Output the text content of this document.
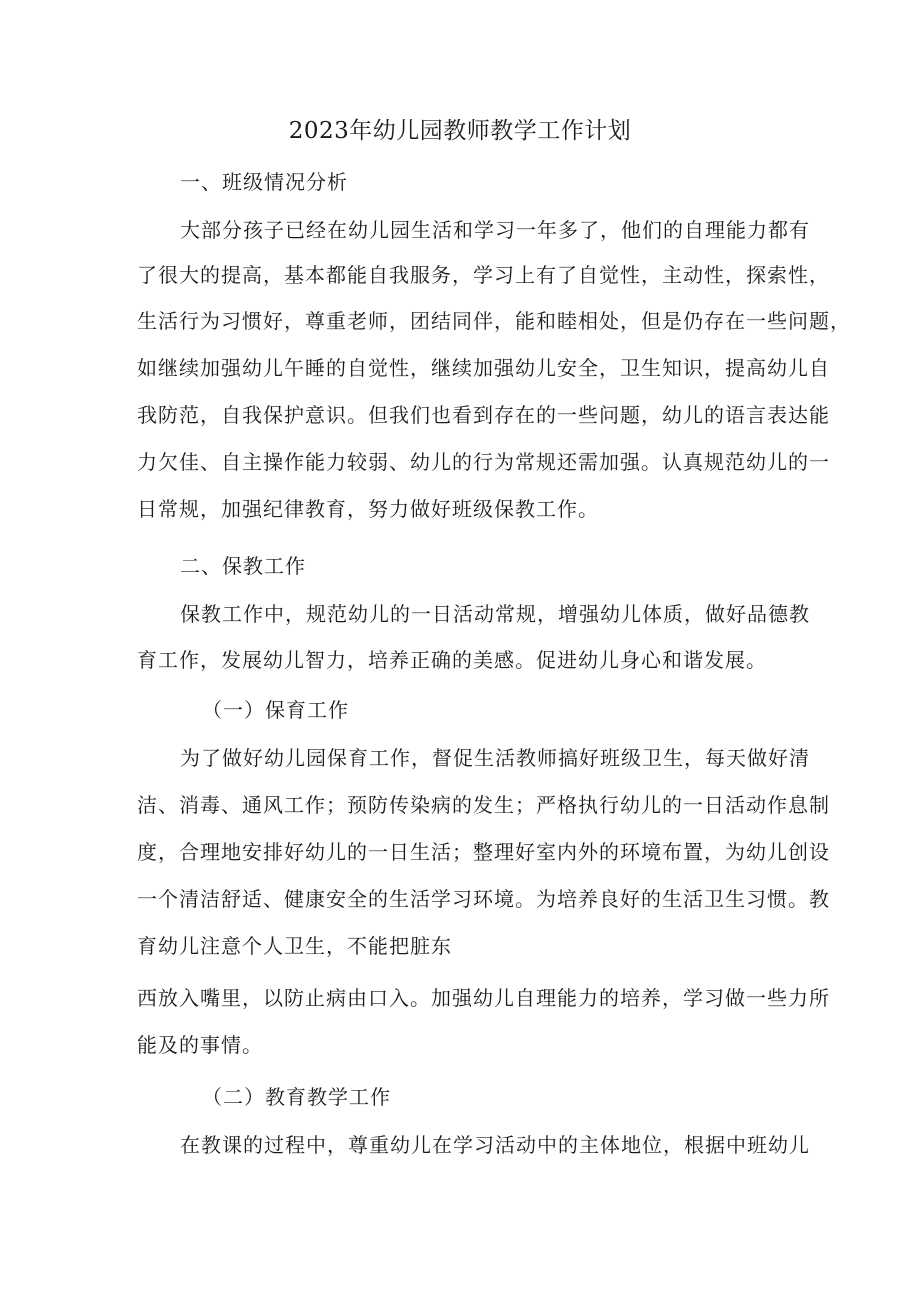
2023年幼儿园教师教学工作计划
一、班级情况分析
大部分孩子已经在幼儿园生活和学习一年多了，他们的自理能力都有
了很大的提高，基本都能自我服务，学习上有了自觉性，主动性，探索性，
生活行为习惯好，尊重老师，团结同伴，能和睦相处，但是仍存在一些问题，
如继续加强幼儿午睡的自觉性，继续加强幼儿安全，卫生知识，提高幼儿自
我防范，自我保护意识。但我们也看到存在的一些问题，幼儿的语言表达能
力欠佳、自主操作能力较弱、幼儿的行为常规还需加强。认真规范幼儿的一
日常规，加强纪律教育，努力做好班级保教工作。
二、保教工作
保教工作中，规范幼儿的一日活动常规，增强幼儿体质，做好品德教
育工作，发展幼儿智力，培养正确的美感。促进幼儿身心和谐发展。
（一）保育工作
为了做好幼儿园保育工作，督促生活教师搞好班级卫生，每天做好清
洁、消毒、通风工作；预防传染病的发生；严格执行幼儿的一日活动作息制
度，合理地安排好幼儿的一日生活；整理好室内外的环境布置，为幼儿创设
一个清洁舒适、健康安全的生活学习环境。为培养良好的生活卫生习惯。教
育幼儿注意个人卫生，不能把脏东
西放入嘴里，以防止病由口入。加强幼儿自理能力的培养，学习做一些力所
能及的事情。
（二）教育教学工作
在教课的过程中，尊重幼儿在学习活动中的主体地位，根据中班幼儿
